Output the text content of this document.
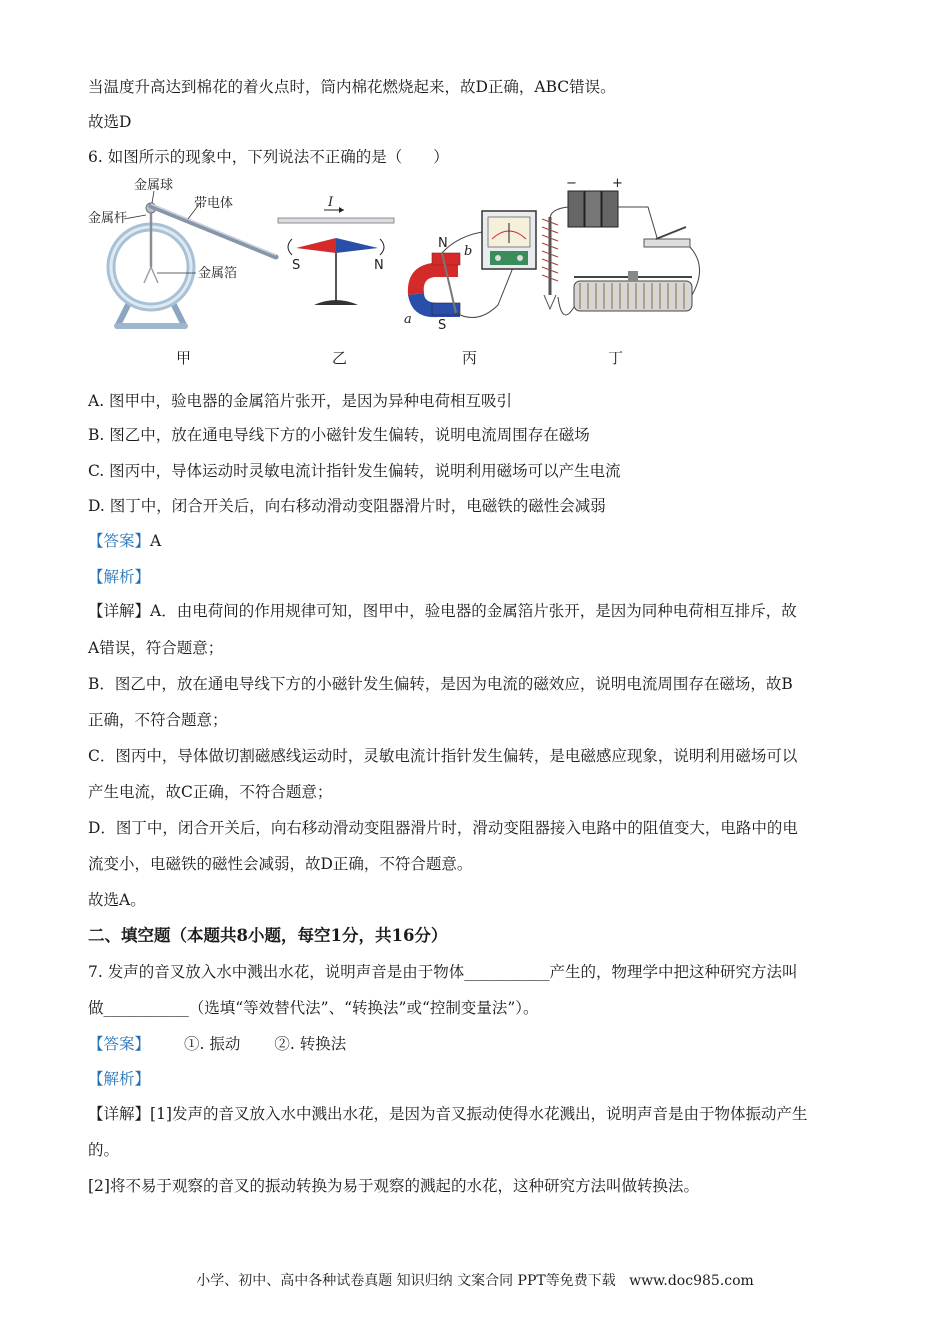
当温度升高达到棉花的着火点时，筒内棉花燃烧起来，故D正确，ABC错误。
故选D
6. 如图所示的现象中，下列说法不正确的是（　　）
金属球
金属杆
带电体
金属箔
甲
I
S	N
乙
N
S
a
b
丙
−	+
丁
A. 图甲中，验电器的金属箔片张开，是因为异种电荷相互吸引
B. 图乙中，放在通电导线下方的小磁针发生偏转，说明电流周围存在磁场
C. 图丙中，导体运动时灵敏电流计指针发生偏转，说明利用磁场可以产生电流
D. 图丁中，闭合开关后，向右移动滑动变阻器滑片时，电磁铁的磁性会减弱
【答案】A
【解析】
【详解】A．由电荷间的作用规律可知，图甲中，验电器的金属箔片张开，是因为同种电荷相互排斥，故
A错误，符合题意；
B．图乙中，放在通电导线下方的小磁针发生偏转，是因为电流的磁效应，说明电流周围存在磁场，故B
正确，不符合题意；
C．图丙中，导体做切割磁感线运动时，灵敏电流计指针发生偏转，是电磁感应现象，说明利用磁场可以
产生电流，故C正确，不符合题意；
D．图丁中，闭合开关后，向右移动滑动变阻器滑片时，滑动变阻器接入电路中的阻值变大，电路中的电
流变小，电磁铁的磁性会减弱，故D正确，不符合题意。
故选A。
二、填空题（本题共8小题，每空1分，共16分）
7. 发声的音叉放入水中溅出水花，说明声音是由于物体___________产生的，物理学中把这种研究方法叫
做___________（选填“等效替代法”、“转换法”或“控制变量法”）。
【答案】 ①. 振动 ②. 转换法
【解析】
【详解】[1]发声的音叉放入水中溅出水花，是因为音叉振动使得水花溅出，说明声音是由于物体振动产生
的。
[2]将不易于观察的音叉的振动转换为易于观察的溅起的水花，这种研究方法叫做转换法。
小学、初中、高中各种试卷真题 知识归纳 文案合同 PPT等免费下载 www.doc985.com
